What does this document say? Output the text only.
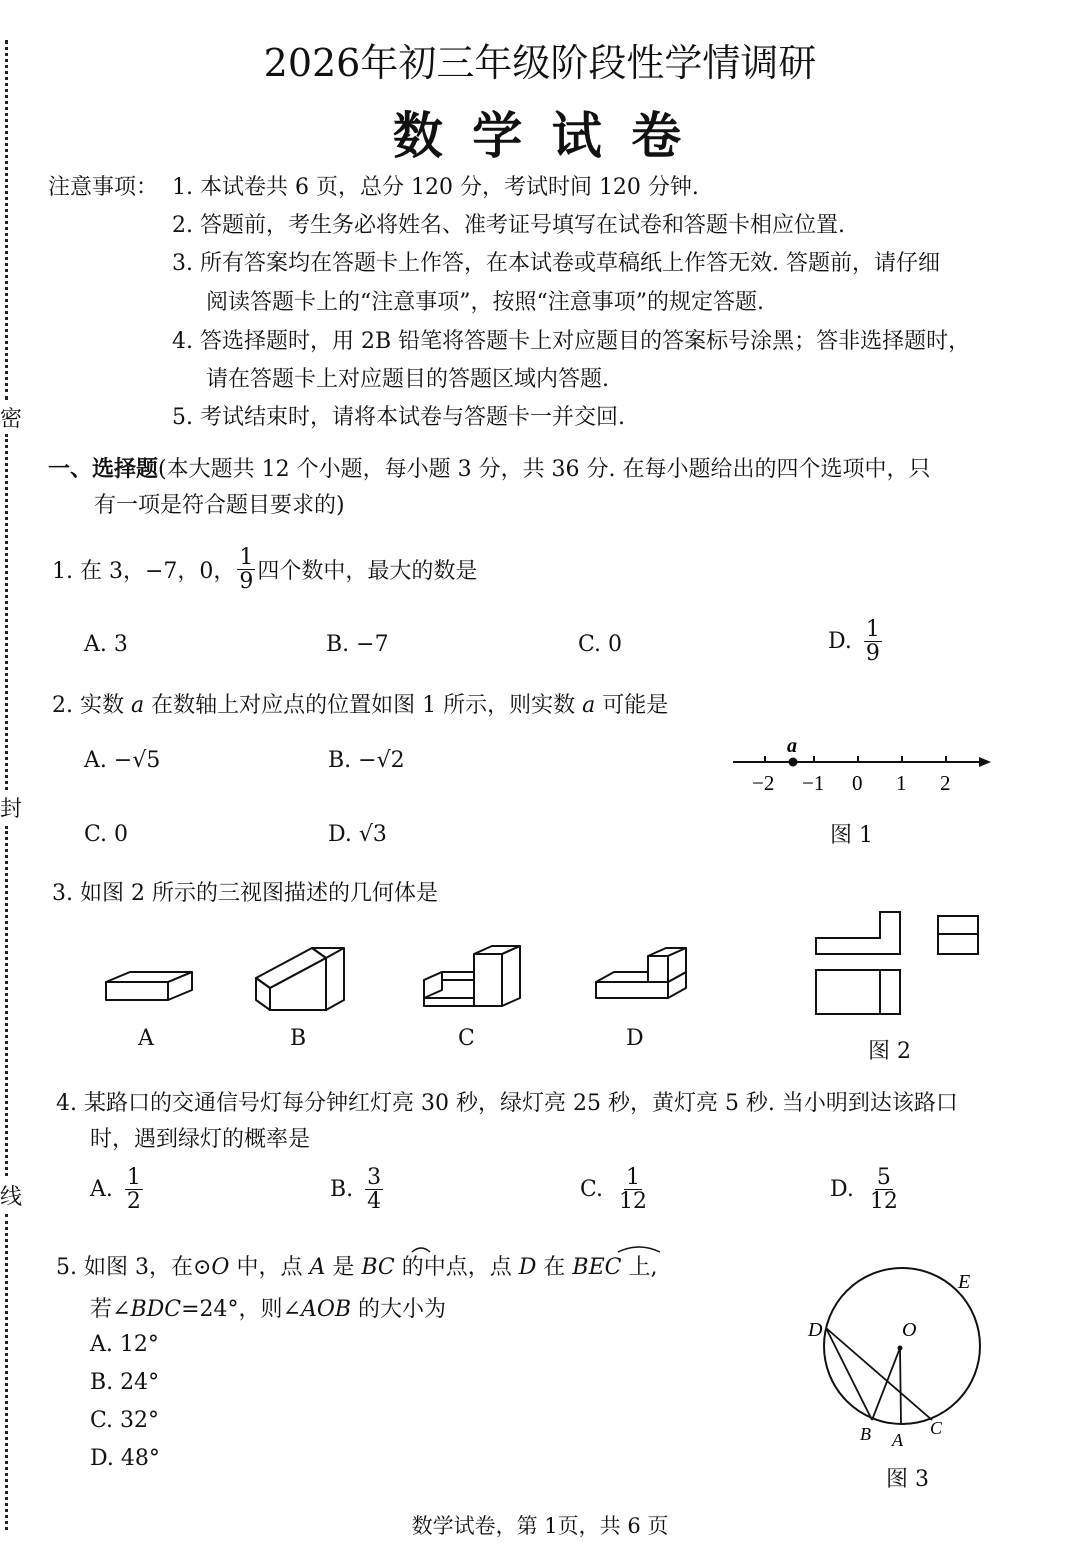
密
封
线
2026年初三年级阶段性学情调研
数 学 试 卷
注意事项： 1. 本试卷共 6 页，总分 120 分，考试时间 120 分钟.
2. 答题前，考生务必将姓名、准考证号填写在试卷和答题卡相应位置.
3. 所有答案均在答题卡上作答，在本试卷或草稿纸上作答无效. 答题前，请仔细
阅读答题卡上的“注意事项”，按照“注意事项”的规定答题.
4. 答选择题时，用 2B 铅笔将答题卡上对应题目的答案标号涂黑；答非选择题时，
请在答题卡上对应题目的答题区域内答题.
5. 考试结束时，请将本试卷与答题卡一并交回.
一、选择题(本大题共 12 个小题，每小题 3 分，共 36 分. 在每小题给出的四个选项中，只
有一项是符合题目要求的)
1. 在 3，−7，0， $\frac{1}{9}$ 四个数中，最大的数是
A. 3	B. −7	C. 0	D. $\frac{1}{9}$
2. 实数 a 在数轴上对应点的位置如图 1 所示，则实数 a 可能是
A. −√5	B. −√2
C. 0	D. √3
a
−2 −1 0 1 2
图 1
3. 如图 2 所示的三视图描述的几何体是
A	B	C	D
图 2
4. 某路口的交通信号灯每分钟红灯亮 30 秒，绿灯亮 25 秒，黄灯亮 5 秒. 当小明到达该路口
时，遇到绿灯的概率是
A. $\frac{1}{2}$	B. $\frac{3}{4}$	C. $\frac{1}{12}$	D. $\frac{5}{12}$
5. 如图 3，在⊙O 中，点 A 是 BC 的中点，点 D 在 BEC 上,
若∠BDC=24°，则∠AOB 的大小为
A. 12°
B. 24°
C. 32°
D. 48°
E
D	O
B A
C
图 3
数学试卷，第 1页，共 6 页
